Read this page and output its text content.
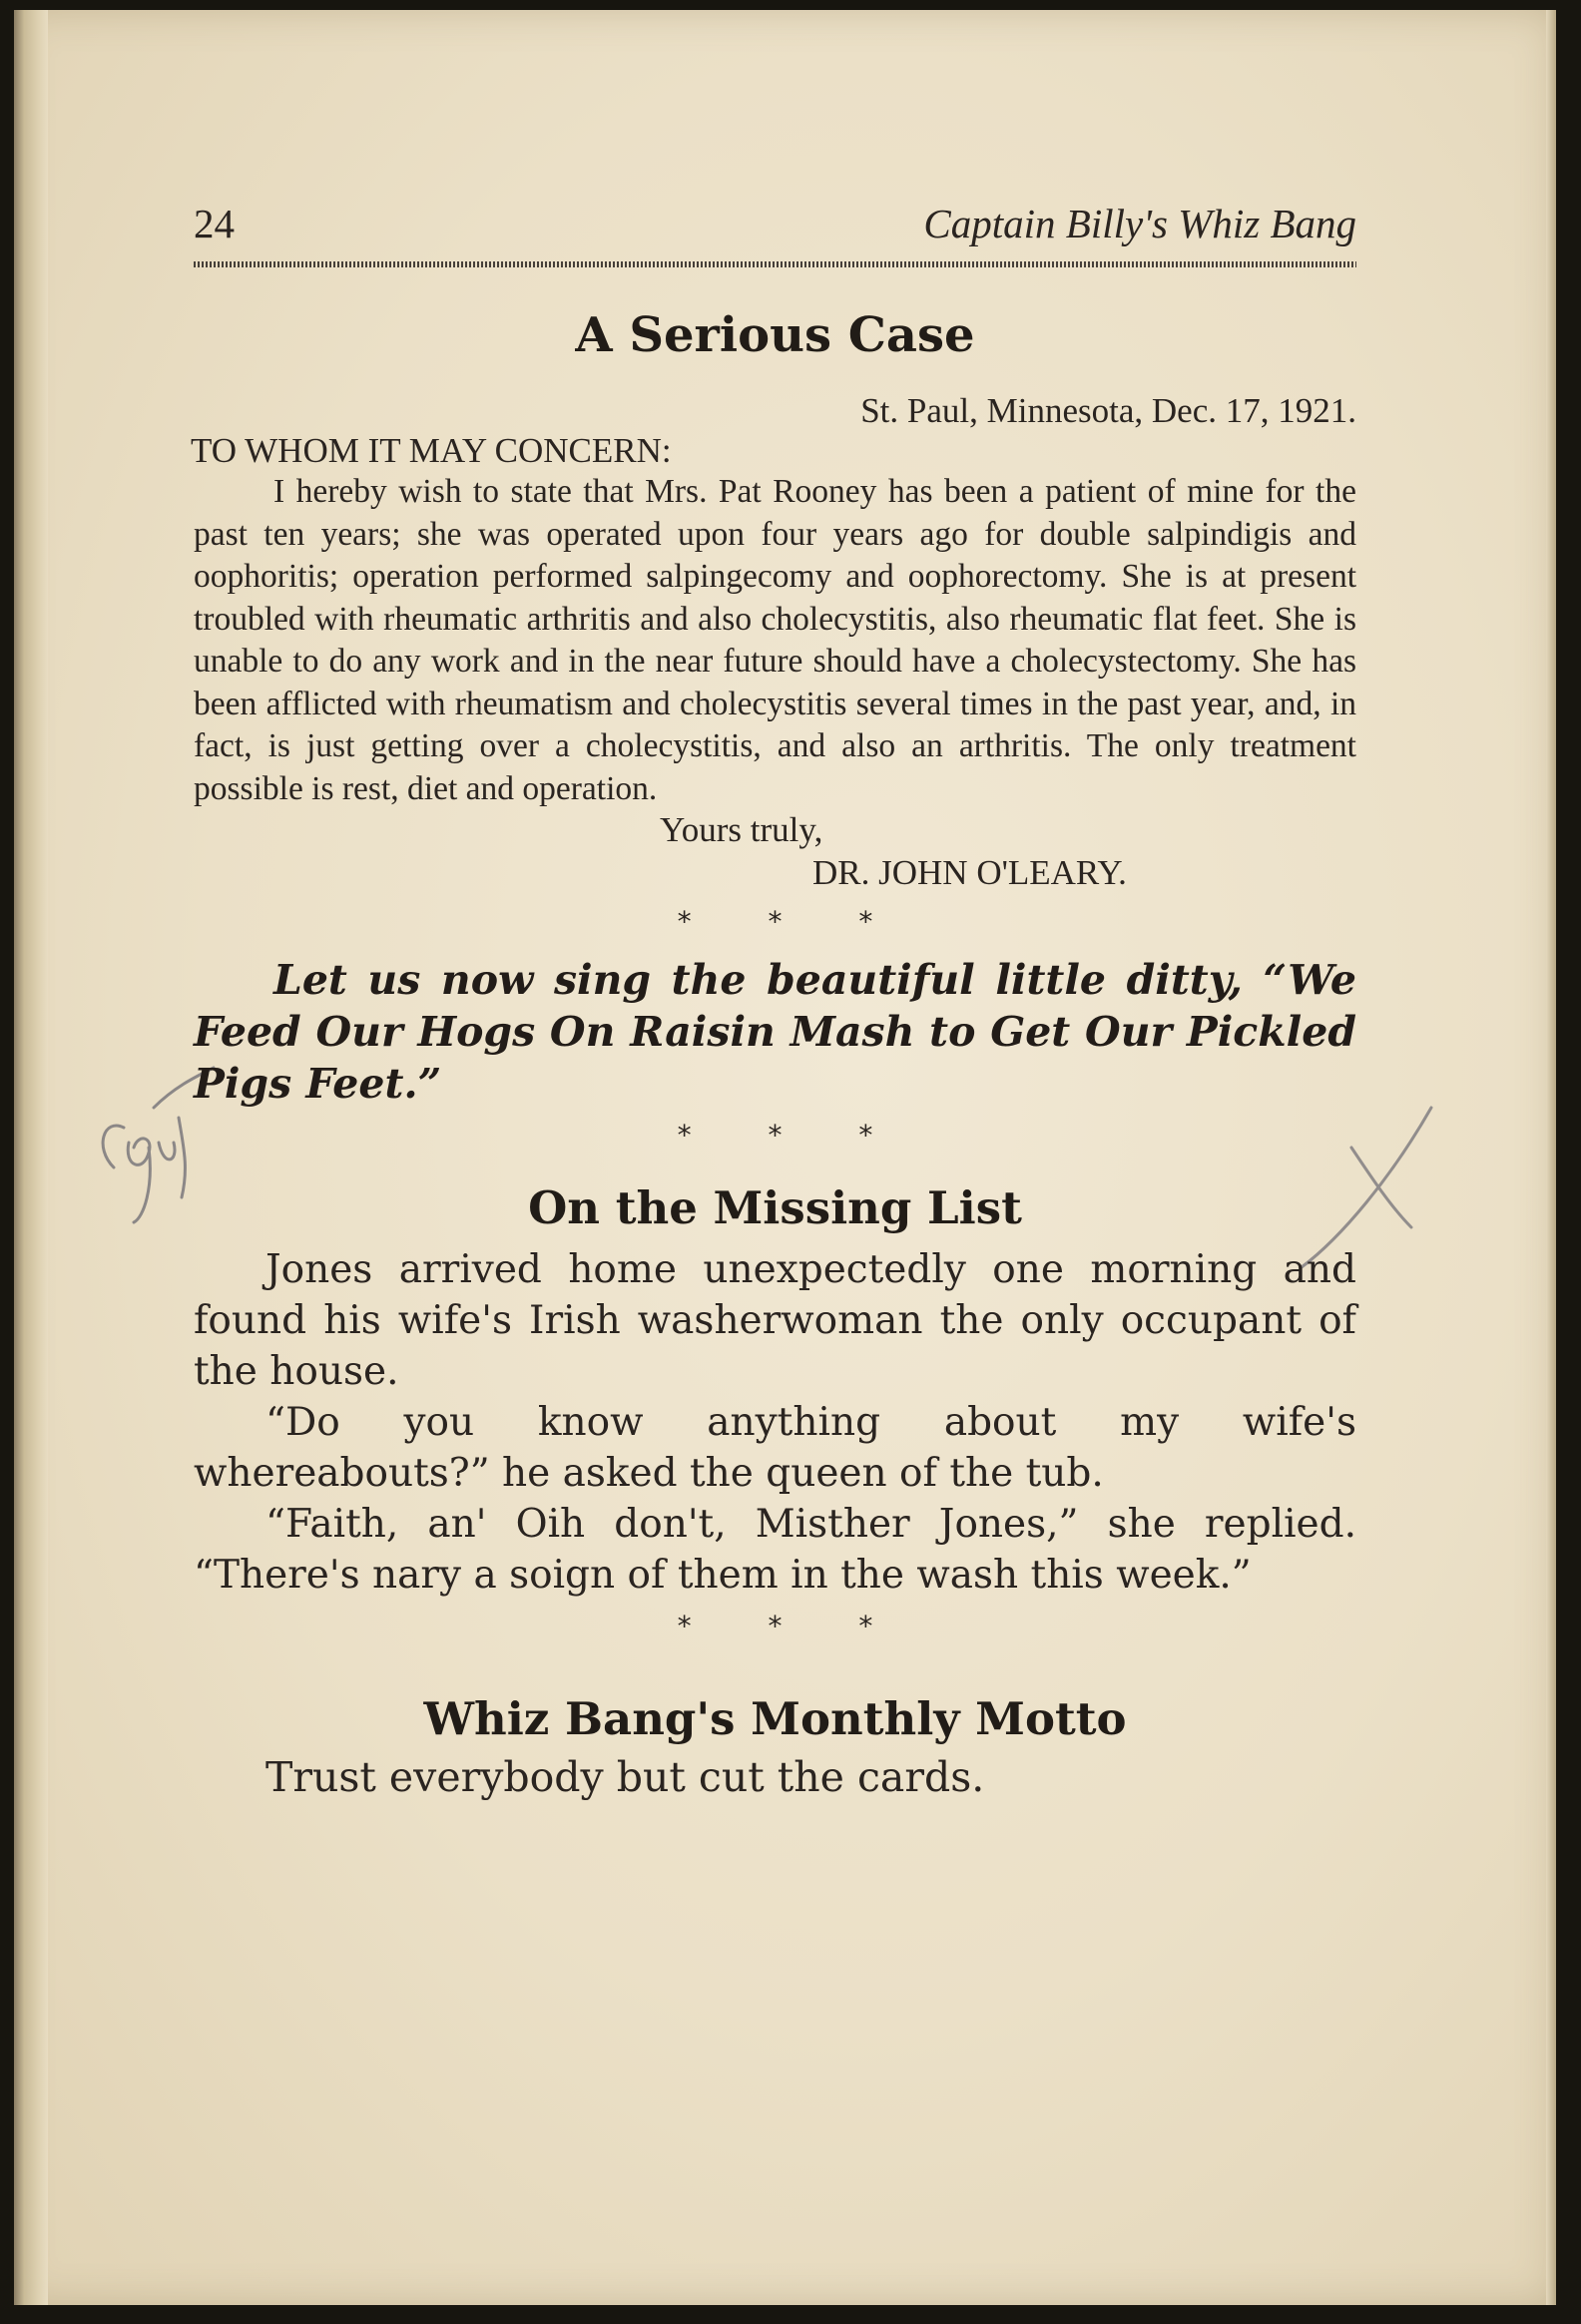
24	Captain Billy's Whiz Bang
A Serious Case
St. Paul, Minnesota, Dec. 17, 1921.
TO WHOM IT MAY CONCERN:

I hereby wish to state that Mrs. Pat Rooney has been a patient of mine for the past ten years; she was operated upon four years ago for double salpindigis and oophoritis; operation performed salpingecomy and oophorectomy. She is at present troubled with rheumatic arthritis and also cholecystitis, also rheumatic flat feet. She is unable to do any work and in the near future should have a cholecystectomy. She has been afflicted with rheumatism and cholecystitis several times in the past year, and, in fact, is just getting over a cholecystitis, and also an arthritis. The only treatment possible is rest, diet and operation.

Yours truly,
DR. JOHN O'LEARY.
* * *

Let us now sing the beautiful little ditty, “We Feed Our Hogs On Raisin Mash to Get Our Pickled Pigs Feet.”

* * *
On the Missing List

Jones arrived home unexpectedly one morning and found his wife's Irish washerwoman the only occupant of the house.

“Do you know anything about my wife's whereabouts?” he asked the queen of the tub.

“Faith, an' Oih don't, Misther Jones,” she replied. “There's nary a soign of them in the wash this week.”

* * *
Whiz Bang's Monthly Motto

Trust everybody but cut the cards.
